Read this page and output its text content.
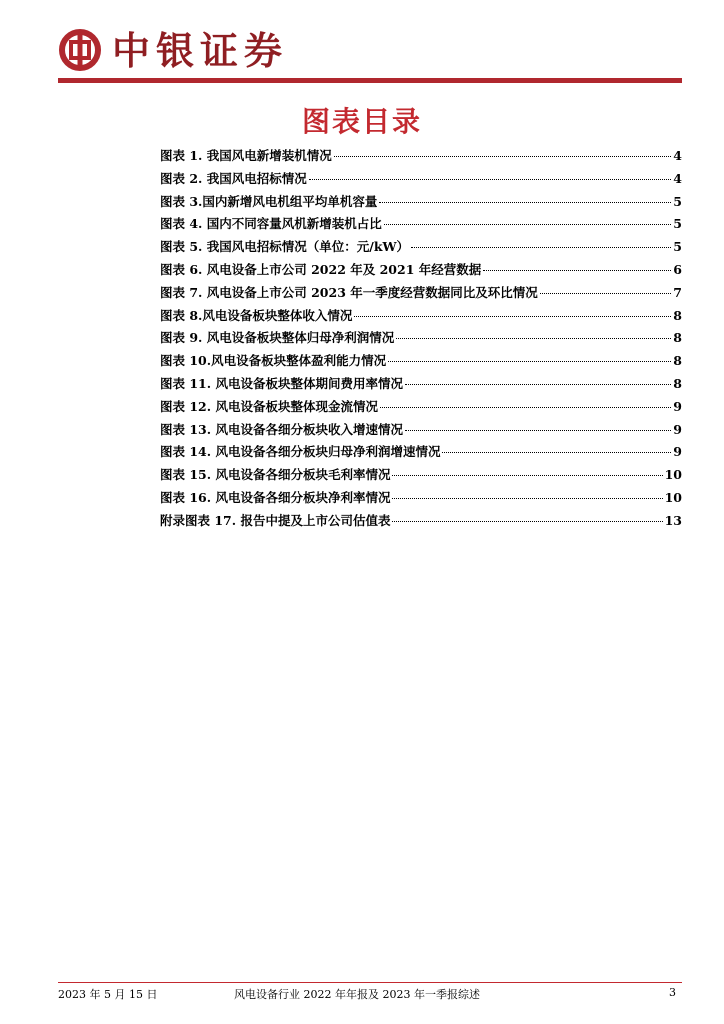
中银证券
图表目录
图表 1. 我国风电新增装机情况	4
图表 2. 我国风电招标情况	4
图表 3.国内新增风电机组平均单机容量	5
图表 4. 国内不同容量风机新增装机占比	5
图表 5. 我国风电招标情况（单位：元/kW）	5
图表 6. 风电设备上市公司 2022 年及 2021 年经营数据	6
图表 7. 风电设备上市公司 2023 年一季度经营数据同比及环比情况	7
图表 8.风电设备板块整体收入情况	8
图表 9. 风电设备板块整体归母净利润情况	8
图表 10.风电设备板块整体盈利能力情况	8
图表 11. 风电设备板块整体期间费用率情况	8
图表 12. 风电设备板块整体现金流情况	9
图表 13. 风电设备各细分板块收入增速情况	9
图表 14. 风电设备各细分板块归母净利润增速情况	9
图表 15. 风电设备各细分板块毛利率情况	10
图表 16. 风电设备各细分板块净利率情况	10
附录图表 17. 报告中提及上市公司估值表	13
2023 年 5 月 15 日	风电设备行业 2022 年年报及 2023 年一季报综述	3
